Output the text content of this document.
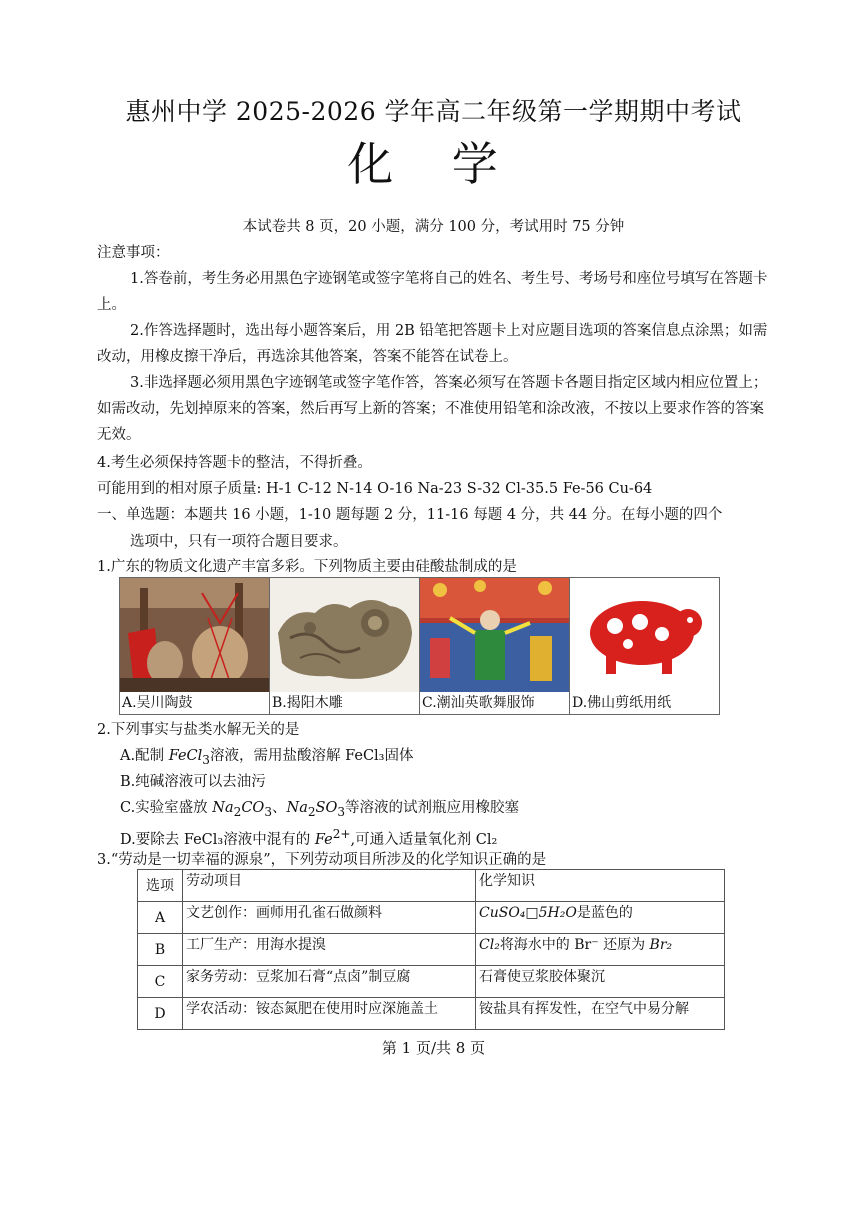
惠州中学 2025-2026 学年高二年级第一学期期中考试
化 学
本试卷共 8 页，20 小题，满分 100 分，考试用时 75 分钟
注意事项：
1.答卷前，考生务必用黑色字迹钢笔或签字笔将自己的姓名、考生号、考场号和座位号填写在答题卡上。
2.作答选择题时，选出每小题答案后，用 2B 铅笔把答题卡上对应题目选项的答案信息点涂黑；如需改动，用橡皮擦干净后，再选涂其他答案，答案不能答在试卷上。
3.非选择题必须用黑色字迹钢笔或签字笔作答，答案必须写在答题卡各题目指定区域内相应位置上；如需改动，先划掉原来的答案，然后再写上新的答案；不准使用铅笔和涂改液，不按以上要求作答的答案无效。
4.考生必须保持答题卡的整洁，不得折叠。
可能用到的相对原子质量: H-1 C-12 N-14 O-16 Na-23 S-32 Cl-35.5 Fe-56 Cu-64
一、单选题：本题共 16 小题，1-10 题每题 2 分，11-16 每题 4 分，共 44 分。在每小题的四个
选项中，只有一项符合题目要求。
1.广东的物质文化遗产丰富多彩。下列物质主要由硅酸盐制成的是
A.吴川陶鼓	B.揭阳木雕	C.潮汕英歌舞服饰	D.佛山剪纸用纸
2.下列事实与盐类水解无关的是
A.配制 FeCl$_3$溶液，需用盐酸溶解 FeCl₃固体
B.纯碱溶液可以去油污
C.实验室盛放 $Na_2CO_3$、$Na_2SO_3$等溶液的试剂瓶应用橡胶塞
D.要除去 FeCl₃溶液中混有的 $Fe^{2+}$,可通入适量氧化剂 Cl₂
3.“劳动是一切幸福的源泉”，下列劳动项目所涉及的化学知识正确的是
选项	劳动项目	化学知识
A	文艺创作：画师用孔雀石做颜料	CuSO₄□5H₂O是蓝色的
B	工厂生产：用海水提溴	Cl₂将海水中的 Br⁻ 还原为 Br₂
C	家务劳动：豆浆加石膏“点卤”制豆腐	石膏使豆浆胶体聚沉
D	学农活动：铵态氮肥在使用时应深施盖土	铵盐具有挥发性，在空气中易分解
第 1 页/共 8 页
